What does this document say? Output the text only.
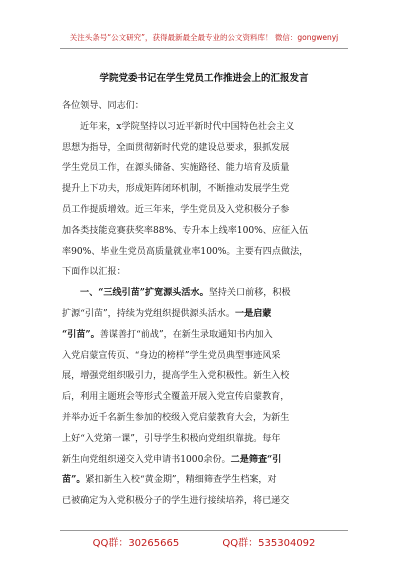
关注头条号“公文研究”，获得最新最全最专业的公文资料库！ 微信：gongwenyj
学院党委书记在学生党员工作推进会上的汇报发言
各位领导、同志们：
近年来，x学院坚持以习近平新时代中国特色社会主义
思想为指导，全面贯彻新时代党的建设总要求，狠抓发展
学生党员工作，在源头储备、实施路径、能力培育及质量
提升上下功夫，形成矩阵闭环机制，不断推动发展学生党
员工作提质增效。近三年来，学生党员及入党积极分子参
加各类技能竞赛获奖率88%、专升本上线率100%、应征入伍
率90%、毕业生党员高质量就业率100%。主要有四点做法，
下面作以汇报：
一、“三线引苗”扩宽源头活水。坚持关口前移，积极
扩源“引苗”，持续为党组织提供源头活水。一是启蒙
“引苗”。善谋善打“前战”，在新生录取通知书内加入
入党启蒙宣传页、“身边的榜样”学生党员典型事迹风采
展，增强党组织吸引力，提高学生入党积极性。新生入校
后，利用主题班会等形式全覆盖开展入党宣传启蒙教育，
并举办近千名新生参加的校级入党启蒙教育大会，为新生
上好“入党第一课”，引导学生积极向党组织靠拢。每年
新生向党组织递交入党申请书1000余份。二是筛查“引
苗”。紧扣新生入校“黄金期”，精细筛查学生档案，对
已被确定为入党积极分子的学生进行接续培养，将已递交
QQ群：30265665	QQ群：535304092
